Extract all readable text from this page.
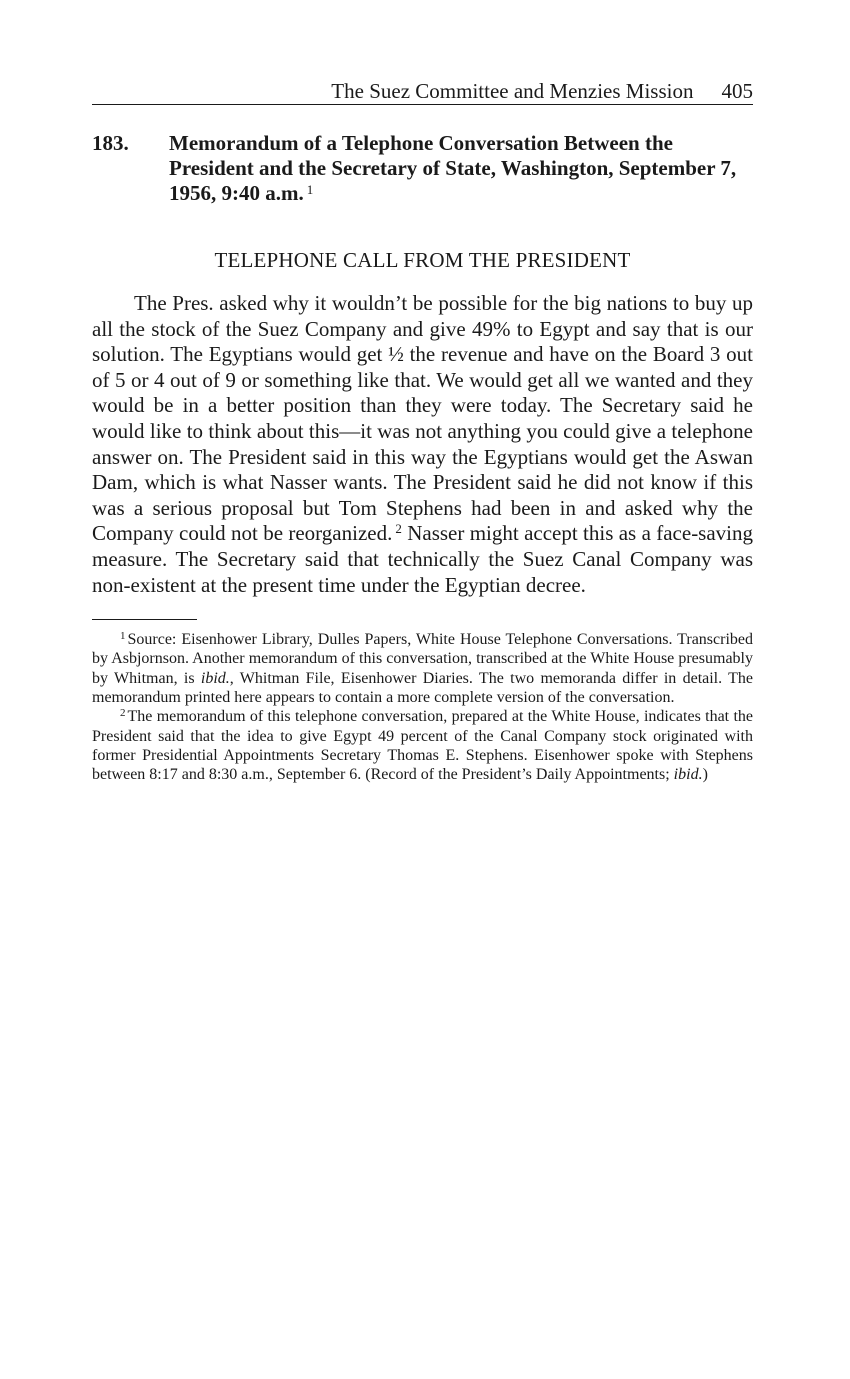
The Suez Committee and Menzies Mission 405
183.	Memorandum of a Telephone Conversation Between the President and the Secretary of State, Washington, September 7, 1956, 9:40 a.m. $^1$
TELEPHONE CALL FROM THE PRESIDENT

The Pres. asked why it wouldn’t be possible for the big nations to buy up all the stock of the Suez Company and give 49% to Egypt and say that is our solution. The Egyptians would get ½ the revenue and have on the Board 3 out of 5 or 4 out of 9 or something like that. We would get all we wanted and they would be in a better position than they were today. The Secretary said he would like to think about this—it was not anything you could give a telephone answer on. The President said in this way the Egyptians would get the Aswan Dam, which is what Nasser wants. The President said he did not know if this was a serious proposal but Tom Stephens had been in and asked why the Company could not be reorganized. $^2$ Nasser might accept this as a face-saving measure. The Secretary said that technically the Suez Canal Company was non-existent at the present time under the Egyptian decree.

$^1$ Source: Eisenhower Library, Dulles Papers, White House Telephone Conversations. Transcribed by Asbjornson. Another memorandum of this conversation, transcribed at the White House presumably by Whitman, is ibid., Whitman File, Eisenhower Diaries. The two memoranda differ in detail. The memorandum printed here appears to contain a more complete version of the conversation.
$^2$ The memorandum of this telephone conversation, prepared at the White House, indicates that the President said that the idea to give Egypt 49 percent of the Canal Company stock originated with former Presidential Appointments Secretary Thomas E. Stephens. Eisenhower spoke with Stephens between 8:17 and 8:30 a.m., September 6. (Record of the President’s Daily Appointments; ibid.)
